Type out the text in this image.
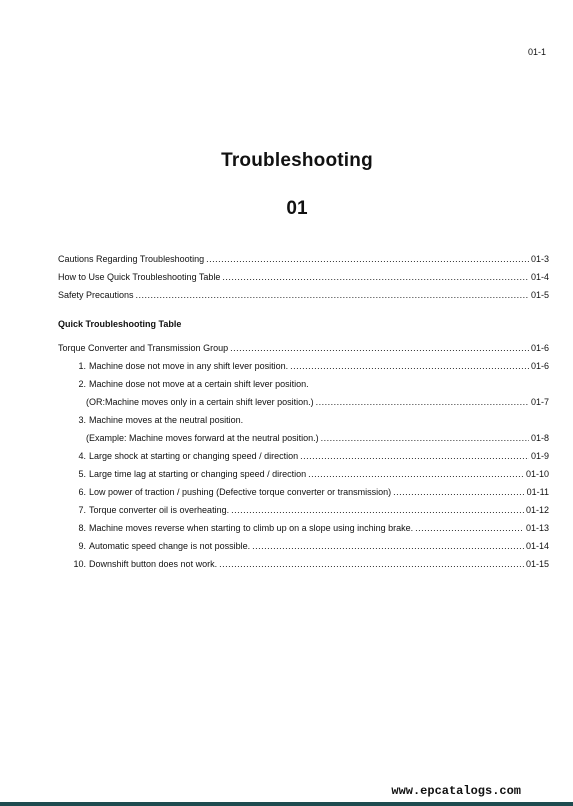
01-1
Troubleshooting
01
Cautions Regarding Troubleshooting .....	01-3
How to Use Quick Troubleshooting Table .....	01-4
Safety Precautions .....	01-5
Quick Troubleshooting Table
Torque Converter and Transmission Group .....	01-6
1. Machine dose not move in any shift lever position. .....	01-6
2. Machine dose not move at a certain shift lever position.
(OR:Machine moves only in a certain shift lever position.) .....	01-7
3. Machine moves at the neutral position.
(Example: Machine moves forward at the neutral position.) .....	01-8
4. Large shock at starting or changing speed / direction .....	01-9
5. Large time lag at starting or changing speed / direction .....	01-10
6. Low power of traction / pushing (Defective torque converter or transmission) .....	01-11
7. Torque converter oil is overheating. .....	01-12
8. Machine moves reverse when starting to climb up on a slope using inching brake. .....	01-13
9. Automatic speed change is not possible. .....	01-14
10. Downshift button does not work. .....	01-15
www.epcatalogs.com
